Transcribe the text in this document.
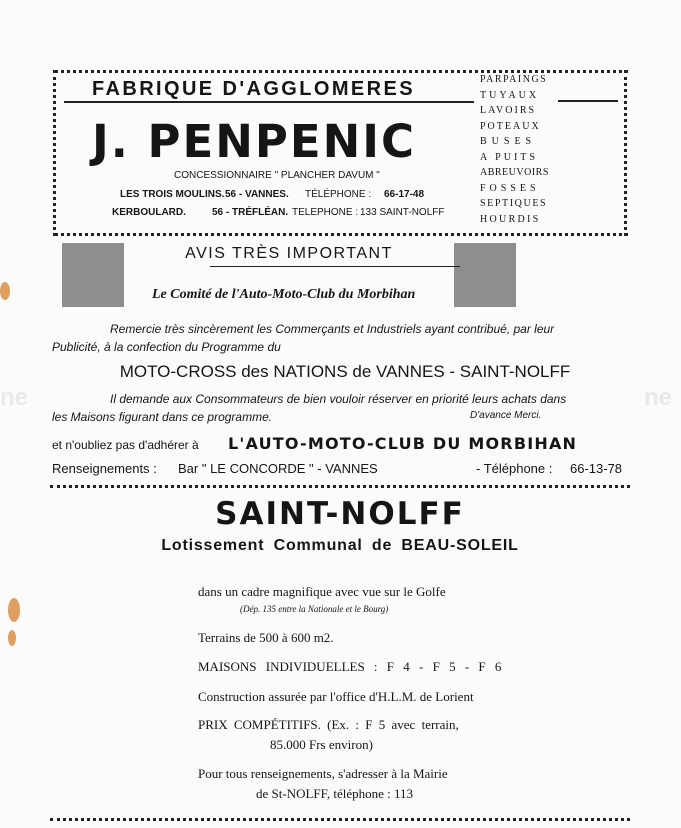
ne
ne
FABRIQUE D'AGGLOMERES
J. PENPENIC
CONCESSIONNAIRE " PLANCHER DAVUM "
LES TROIS MOULINS. 56 - VANNES. TÉLÉPHONE : 66-17-48
KERBOULARD.	56 - TRÉFLÉAN. TELEPHONE : 133 SAINT-NOLFF
PARPAINGS
TUYAUX
LAVOIRS
POTEAUX
BUSES
A PUITS
ABREUVOIRS
FOSSES
SEPTIQUES
HOURDIS
AVIS TRÈS IMPORTANT
Le Comité de l'Auto-Moto-Club du Morbihan
Remercie très sincèrement les Commerçants et Industriels ayant contribué, par leur
Publicité, à la confection du Programme du
MOTO-CROSS des NATIONS de VANNES - SAINT-NOLFF
Il demande aux Consommateurs de bien vouloir réserver en priorité leurs achats dans
les Maisons figurant dans ce programme.	D'avance Merci.
et n'oubliez pas d'adhérer à L'AUTO-MOTO-CLUB DU MORBIHAN
Renseignements : Bar " LE CONCORDE " - VANNES	- Téléphone : 66-13-78
SAINT-NOLFF
Lotissement Communal de BEAU-SOLEIL
dans un cadre magnifique avec vue sur le Golfe
(Dép. 135 entre la Nationale et le Bourg)
Terrains de 500 à 600 m2.
MAISONS INDIVIDUELLES : F 4 - F 5 - F 6
Construction assurée par l'office d'H.L.M. de Lorient
PRIX COMPÉTITIFS. (Ex. : F 5 avec terrain,
85.000 Frs environ)
Pour tous renseignements, s'adresser à la Mairie
de St-NOLFF, téléphone : 113
